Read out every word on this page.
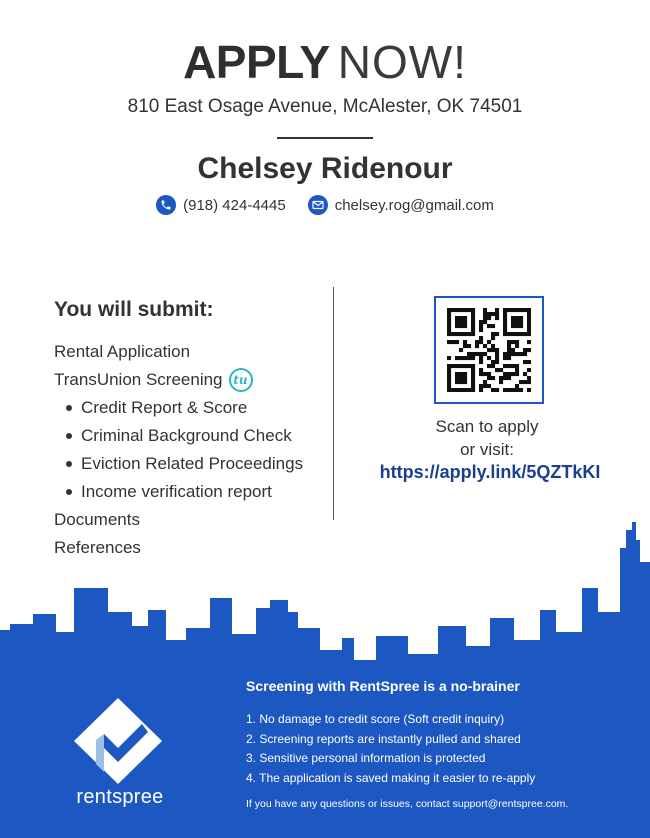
APPLY NOW!
810 East Osage Avenue, McAlester, OK 74501
Chelsey Ridenour
(918) 424-4445	chelsey.rog@gmail.com
You will submit:
Rental Application
TransUnion Screening tu
Credit Report & Score
Criminal Background Check
Eviction Related Proceedings
Income verification report
Documents
References
Scan to apply
or visit:
https://apply.link/5QZTkKI
Screening with RentSpree is a no-brainer
1. No damage to credit score (Soft credit inquiry)
2. Screening reports are instantly pulled and shared
3. Sensitive personal information is protected
4. The application is saved making it easier to re-apply
If you have any questions or issues, contact support@rentspree.com.
rentspree
